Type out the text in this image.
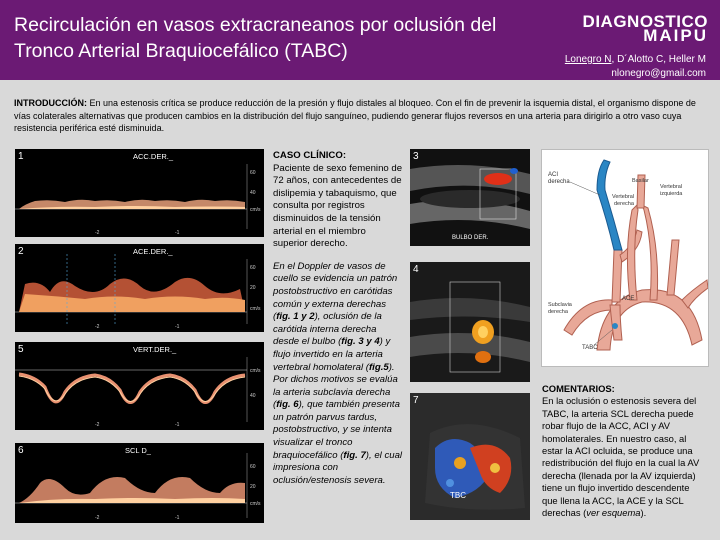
Recirculación en vasos extracraneanos por oclusión del Tronco Arterial Braquiocefálico (TABC)
DIAGNOSTICO
MAIPU
Lonegro N, D´Alotto C, Heller M
nlonegro@gmail.com
INTRODUCCIÓN: En una estenosis crítica se produce reducción de la presión y flujo distales al bloqueo. Con el fin de prevenir la isquemia distal, el organismo dispone de vías colaterales alternativas que producen cambios en la distribución del flujo sanguíneo, pudiendo generar flujos reversos en una arteria para dirigirlo a otro vaso cuya resistencia periférica esté disminuida.
60
40
cm/s
-2	-1
1	ACC.DER._
60
20
cm/s
-2	-1
2	ACE.DER._
cm/s
40
-2	-1
5	VERT.DER._
60
20
cm/s
-2	-1
6	SCL D_
CASO CLÍNICO:
Paciente de sexo femenino de 72 años, con antecedentes de dislipemia y tabaquismo, que consulta por registros disminuidos de la tensión arterial en el miembro superior derecho.
En el Doppler de vasos de cuello se evidencia un patrón postobstructivo en carótidas común y externa derechas (fig. 1 y 2), oclusión de la carótida interna derecha desde el bulbo (fig. 3 y 4) y flujo invertido en la arteria vertebral homolateral (fig.5). Por dichos motivos se evalúa la arteria subclavia derecha (fig. 6), que también presenta un patrón parvus tardus, postobstructivo, y se intenta visualizar el tronco braquiocefálico (fig. 7), el cual impresiona con oclusión/estenosis severa.
3
BULBO DER.
4
7
TBC
ACI
derecha	Basilar
Vertebral
derecha
Vertebral
izquierda
ACE
Subclavia
derecha
TABC
COMENTARIOS:
En la oclusión o estenosis severa del TABC, la arteria SCL derecha puede robar flujo de la ACC, ACI y AV homolaterales. En nuestro caso, al estar la ACI ocluida, se produce una redistribución del flujo en la cual la AV derecha (llenada por la AV izquierda) tiene un flujo invertido descendente que llena la ACC, la ACE y la SCL derechas (ver esquema).
